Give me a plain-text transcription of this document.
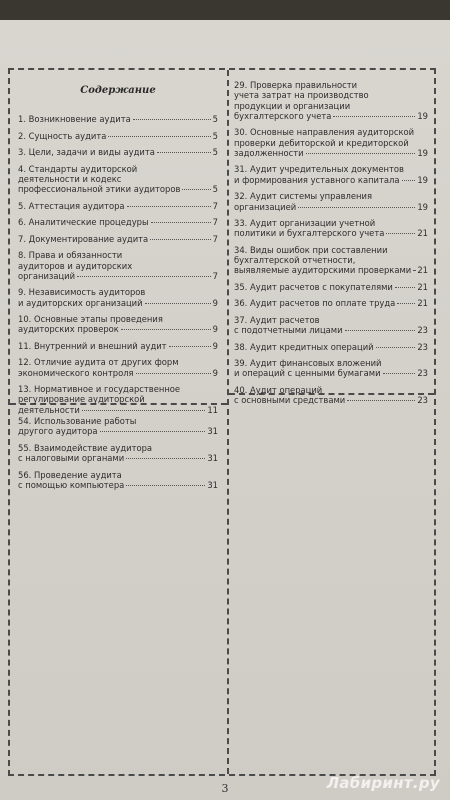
Содержание
1. Возникновение аудита	5
2. Сущность аудита	5
3. Цели, задачи и виды аудита	5
4. Стандарты аудиторской
деятельности и кодекс
профессиональной этики аудиторов	5
5. Аттестация аудитора	7
6. Аналитические процедуры	7
7. Документирование аудита	7
8. Права и обязанности
аудиторов и аудиторских
организаций	7
9. Независимость аудиторов
и аудиторских организаций	9
10. Основные этапы проведения
аудиторских проверок	9
11. Внутренний и внешний аудит	9
12. Отличие аудита от других форм
экономического контроля	9
13. Нормативное и государственное
регулирование аудиторской
деятельности	11
29. Проверка правильности
учета затрат на производство
продукции и организации
бухгалтерского учета	19
30. Основные направления аудиторской
проверки дебиторской и кредиторской
задолженности	19
31. Аудит учредительных документов
и формирования уставного капитала 19
32. Аудит системы управления
организацией	19
33. Аудит организации учетной
политики и бухгалтерского учета	21
34. Виды ошибок при составлении
бухгалтерской отчетности,
выявляемые аудиторскими проверками 21
35. Аудит расчетов с покупателями	21
36. Аудит расчетов по оплате труда	21
37. Аудит расчетов
с подотчетными лицами	23
38. Аудит кредитных операций	23
39. Аудит финансовых вложений
и операций с ценными бумагами	23
40. Аудит операций
с основными средствами	23
54. Использование работы
другого аудитора	31
55. Взаимодействие аудитора
с налоговыми органами	31
56. Проведение аудита
с помощью компьютера	31
3	Лабиринт.ру
